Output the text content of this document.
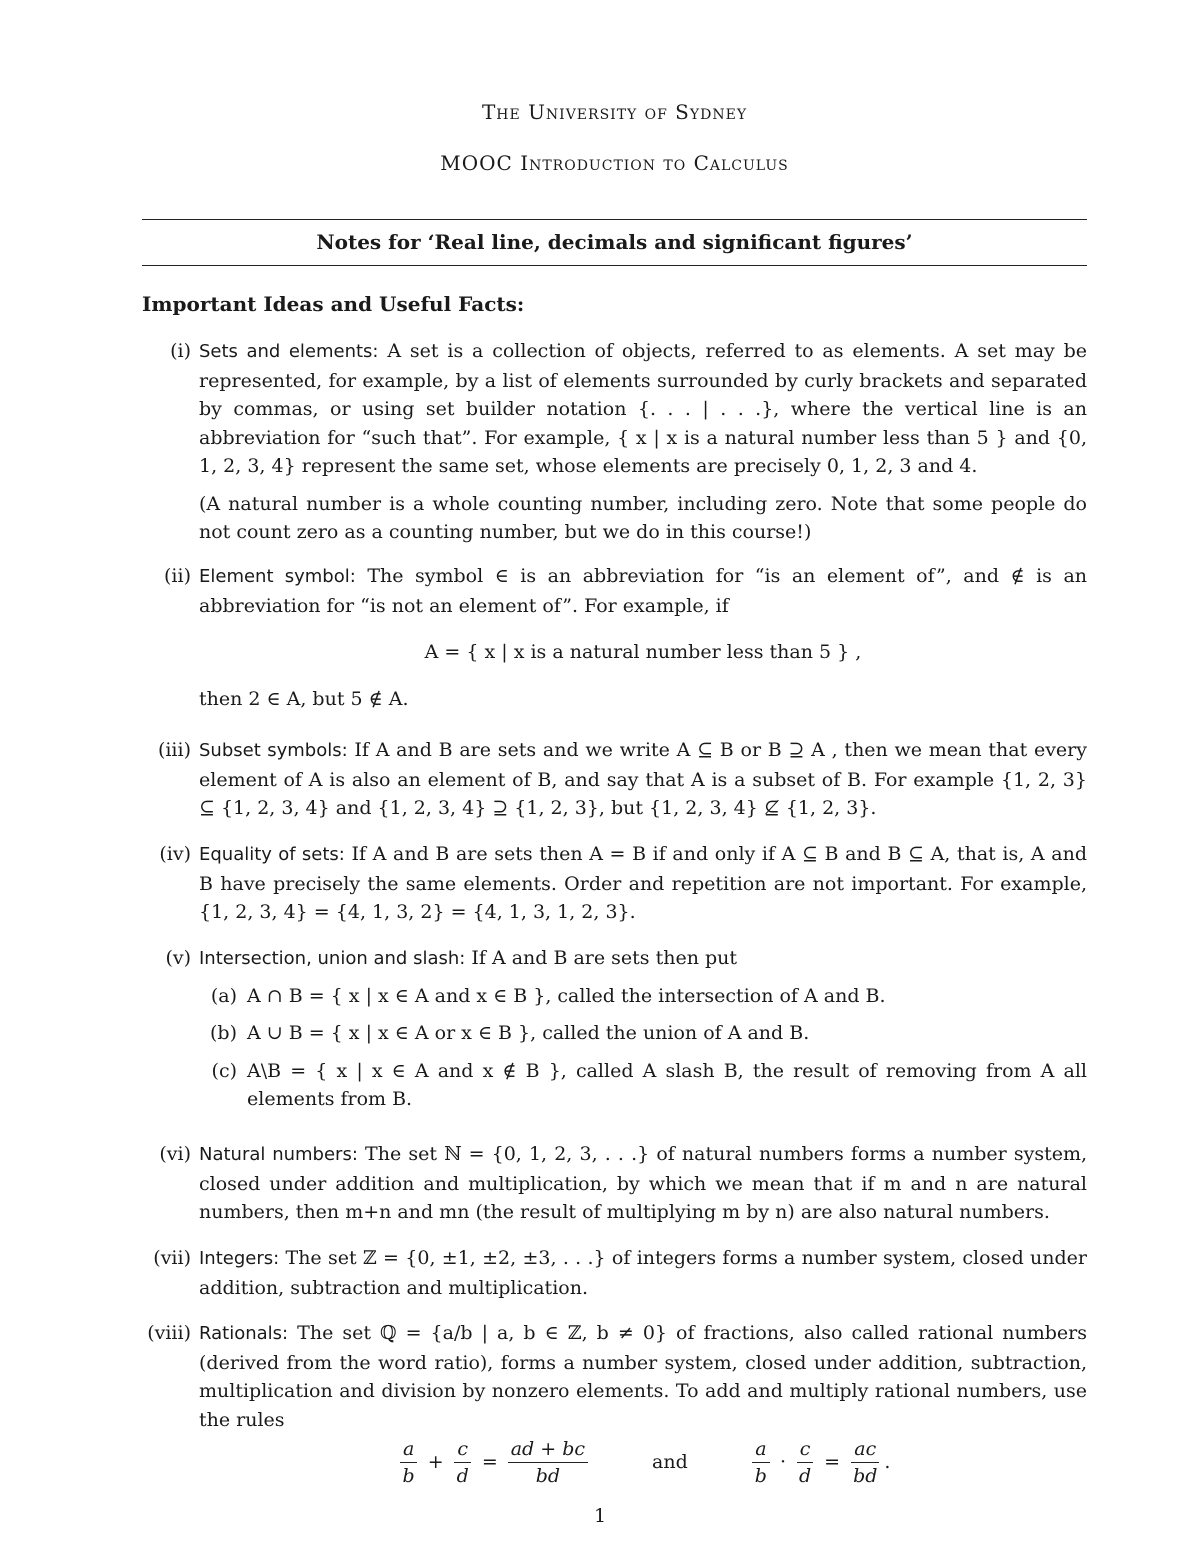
The University of Sydney
MOOC Introduction to Calculus
Notes for ‘Real line, decimals and significant figures’
Important Ideas and Useful Facts:
(i) Sets and elements: A set is a collection of objects, referred to as elements. A set may be represented, for example, by a list of elements surrounded by curly brackets and separated by commas, or using set builder notation {. . . | . . .}, where the vertical line is an abbreviation for “such that”. For example, { x | x is a natural number less than 5 } and {0, 1, 2, 3, 4} represent the same set, whose elements are precisely 0, 1, 2, 3 and 4.
(A natural number is a whole counting number, including zero. Note that some people do not count zero as a counting number, but we do in this course!)
(ii) Element symbol: The symbol ∈ is an abbreviation for “is an element of”, and ∉ is an abbreviation for “is not an element of”. For example, if
A = { x | x is a natural number less than 5 } ,
then 2 ∈ A, but 5 ∉ A.
(iii) Subset symbols: If A and B are sets and we write A ⊆ B or B ⊇ A , then we mean that every element of A is also an element of B, and say that A is a subset of B. For example {1, 2, 3} ⊆ {1, 2, 3, 4} and {1, 2, 3, 4} ⊇ {1, 2, 3}, but {1, 2, 3, 4} ⊈ {1, 2, 3}.
(iv) Equality of sets: If A and B are sets then A = B if and only if A ⊆ B and B ⊆ A, that is, A and B have precisely the same elements. Order and repetition are not important. For example, {1, 2, 3, 4} = {4, 1, 3, 2} = {4, 1, 3, 1, 2, 3}.
(v) Intersection, union and slash: If A and B are sets then put
(a) A ∩ B = { x | x ∈ A and x ∈ B }, called the intersection of A and B.
(b) A ∪ B = { x | x ∈ A or x ∈ B }, called the union of A and B.
(c) A\B = { x | x ∈ A and x ∉ B }, called A slash B, the result of removing from A all elements from B.
(vi) Natural numbers: The set ℕ = {0, 1, 2, 3, . . .} of natural numbers forms a number system, closed under addition and multiplication, by which we mean that if m and n are natural numbers, then m+n and mn (the result of multiplying m by n) are also natural numbers.
(vii) Integers: The set ℤ = {0, ±1, ±2, ±3, . . .} of integers forms a number system, closed under addition, subtraction and multiplication.
(viii) Rationals: The set ℚ = {a/b | a, b ∈ ℤ, b ≠ 0} of fractions, also called rational numbers (derived from the word ratio), forms a number system, closed under addition, subtraction, multiplication and division by nonzero elements. To add and multiply rational numbers, use the rules
$\frac{a}{b} + \frac{c}{d} = \frac{ad + bc}{bd}$	and	$\frac{a}{b} \cdot \frac{c}{d} = \frac{ac}{bd}$ .
1
